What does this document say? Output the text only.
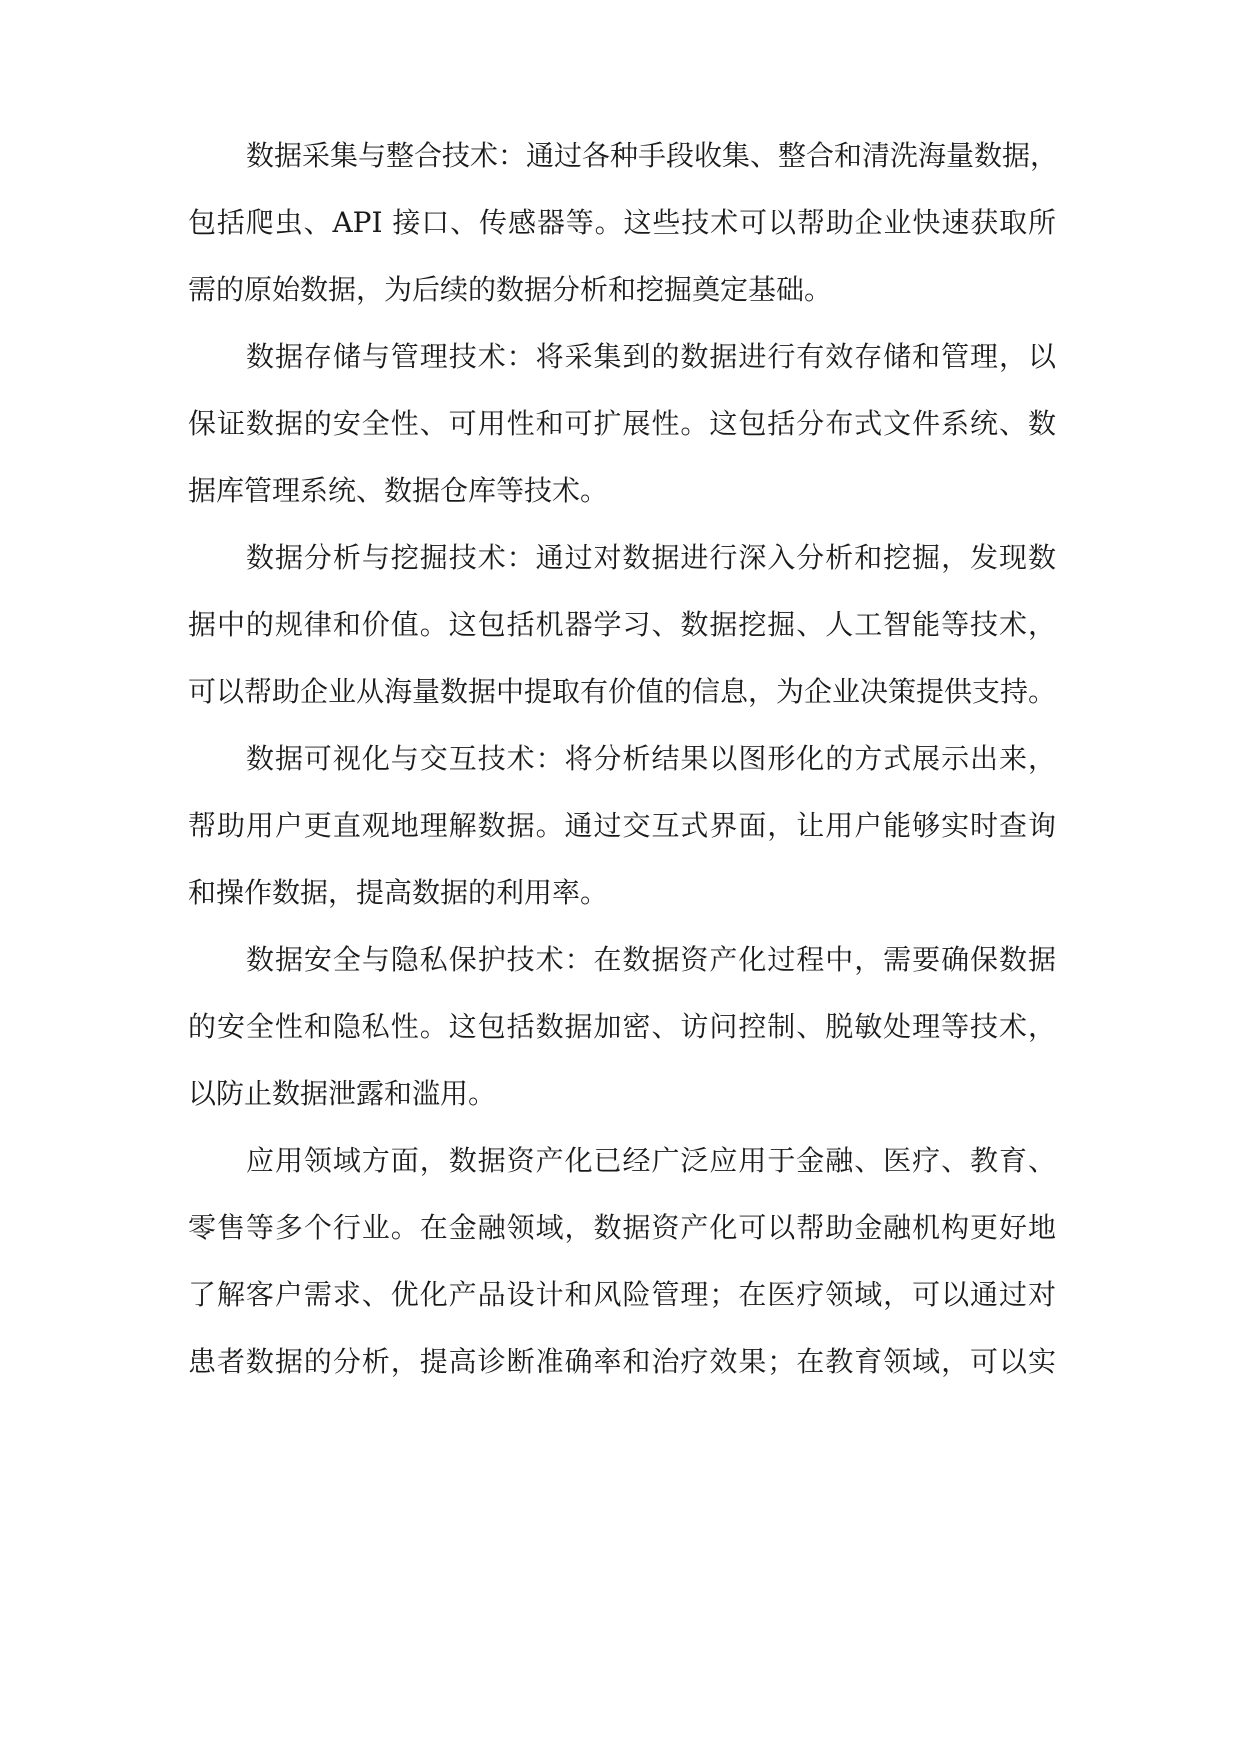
数据采集与整合技术：通过各种手段收集、整合和清洗海量数据，
包括爬虫、API 接口、传感器等。这些技术可以帮助企业快速获取所
需的原始数据，为后续的数据分析和挖掘奠定基础。
数据存储与管理技术：将采集到的数据进行有效存储和管理，以
保证数据的安全性、可用性和可扩展性。这包括分布式文件系统、数
据库管理系统、数据仓库等技术。
数据分析与挖掘技术：通过对数据进行深入分析和挖掘，发现数
据中的规律和价值。这包括机器学习、数据挖掘、人工智能等技术，
可以帮助企业从海量数据中提取有价值的信息，为企业决策提供支持。
数据可视化与交互技术：将分析结果以图形化的方式展示出来，
帮助用户更直观地理解数据。通过交互式界面，让用户能够实时查询
和操作数据，提高数据的利用率。
数据安全与隐私保护技术：在数据资产化过程中，需要确保数据
的安全性和隐私性。这包括数据加密、访问控制、脱敏处理等技术，
以防止数据泄露和滥用。
应用领域方面，数据资产化已经广泛应用于金融、医疗、教育、
零售等多个行业。在金融领域，数据资产化可以帮助金融机构更好地
了解客户需求、优化产品设计和风险管理；在医疗领域，可以通过对
患者数据的分析，提高诊断准确率和治疗效果；在教育领域，可以实
